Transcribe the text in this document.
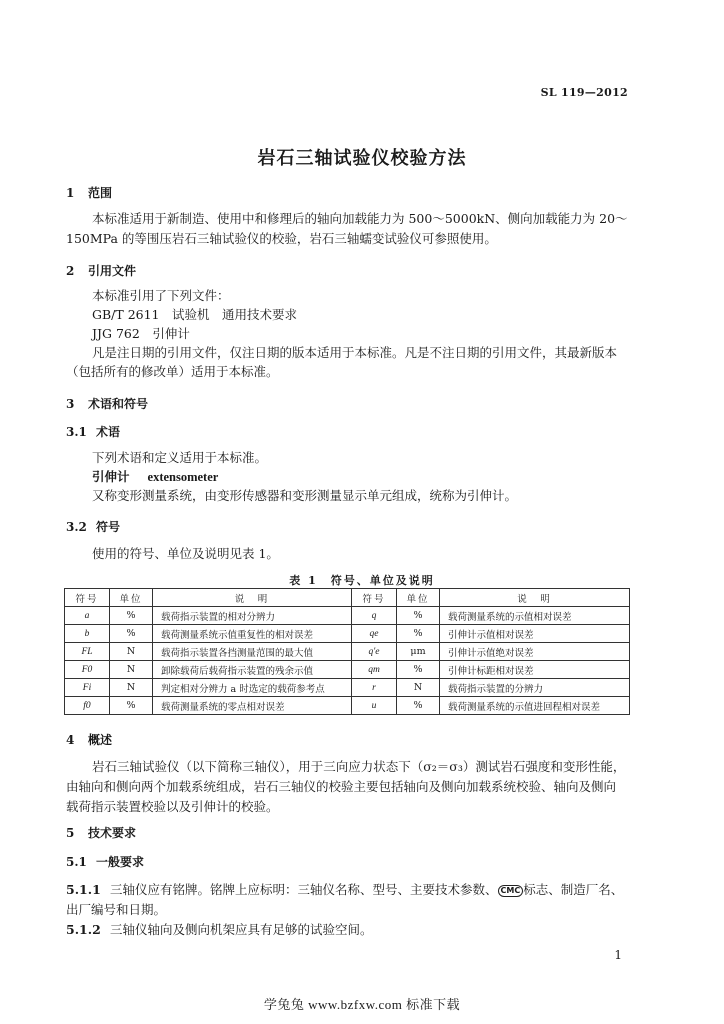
SL 119—2012
岩石三轴试验仪校验方法
1 范围
本标准适用于新制造、使用中和修理后的轴向加载能力为 500～5000kN、侧向加载能力为 20～
150MPa 的等围压岩石三轴试验仪的校验，岩石三轴蠕变试验仪可参照使用。
2 引用文件
本标准引用了下列文件：
GB/T 2611　试验机　通用技术要求
JJG 762　引伸计
凡是注日期的引用文件，仅注日期的版本适用于本标准。凡是不注日期的引用文件，其最新版本
（包括所有的修改单）适用于本标准。
3 术语和符号
3.1 术语
下列术语和定义适用于本标准。
引伸计 extensometer
又称变形测量系统，由变形传感器和变形测量显示单元组成，统称为引伸计。
3.2 符号
使用的符号、单位及说明见表 1。
表 1　符号、单位及说明
符号	单位	说　明	符号	单位	说　明
a	%	载荷指示装置的相对分辨力	q	%	载荷测量系统的示值相对误差
b	%	载荷测量系统示值重复性的相对误差	qe	%	引伸计示值相对误差
FL	N	载荷指示装置各挡测量范围的最大值	q'e	μm	引伸计示值绝对误差
F0	N	卸除载荷后载荷指示装置的残余示值	qm	%	引伸计标距相对误差
Fi	N	判定相对分辨力 a 时选定的载荷参考点	r	N	载荷指示装置的分辨力
f0	%	载荷测量系统的零点相对误差	u	%	载荷测量系统的示值进回程相对误差
4 概述
岩石三轴试验仪（以下简称三轴仪），用于三向应力状态下（σ₂＝σ₃）测试岩石强度和变形性能，
由轴向和侧向两个加载系统组成，岩石三轴仪的校验主要包括轴向及侧向加载系统校验、轴向及侧向
载荷指示装置校验以及引伸计的校验。
5 技术要求
5.1 一般要求
5.1.1 三轴仪应有铭牌。铭牌上应标明：三轴仪名称、型号、主要技术参数、 CMC 标志、制造厂名、
出厂编号和日期。
5.1.2 三轴仪轴向及侧向机架应具有足够的试验空间。
1
学兔兔 www.bzfxw.com 标准下载
